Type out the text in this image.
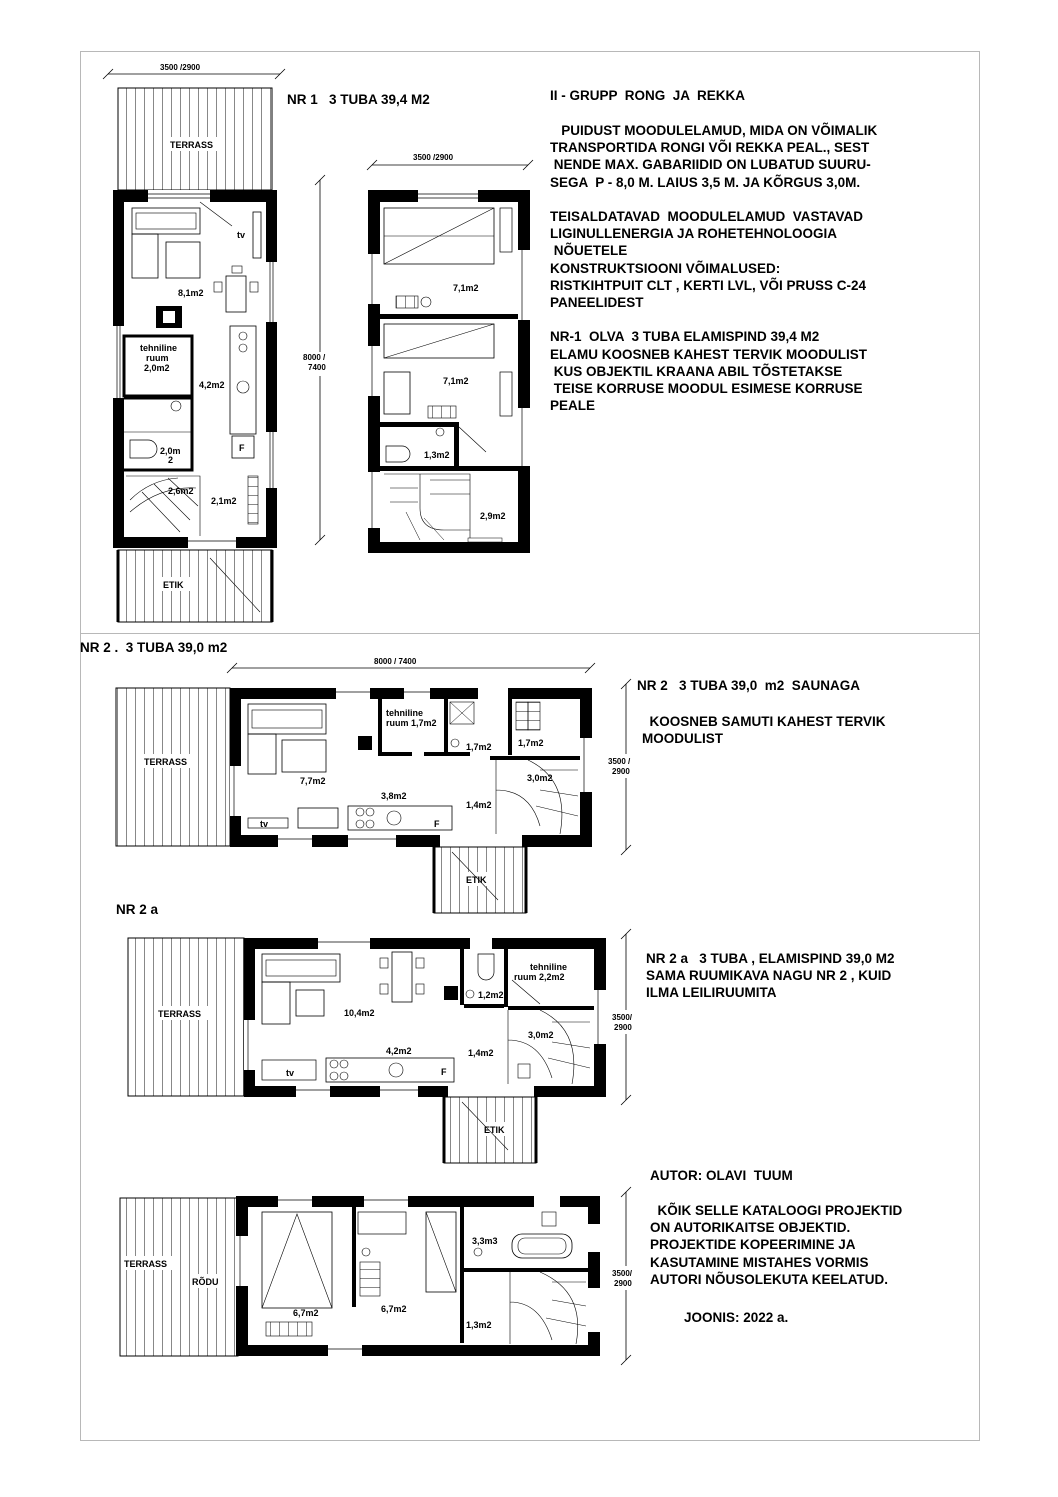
NR 1   3 TUBA 39,4 M2	II - GRUPP  RONG  JA  REKKA
PUIDUST MOODULELAMUD, MIDA ON VÕIMALIK
TRANSPORTIDA RONGI VÕI REKKA PEAL., SEST
NENDE MAX. GABARIIDID ON LUBATUD SUURU-
SEGA  P - 8,0 M. LAIUS 3,5 M. JA KÕRGUS 3,0M.

TEISALDATAVAD  MOODULELAMUD  VASTAVAD
LIGINULLENERGIA JA ROHETEHNOLOOGIA
NÕUETELE
KONSTRUKTSIOONI VÕIMALUSED:
RISTKIHTPUIT CLT , KERTI LVL, VÕI PRUSS C-24
PANEELIDEST

NR-1  OLVA  3 TUBA ELAMISPIND 39,4 M2
ELAMU KOOSNEB KAHEST TERVIK MOODULIST
KUS OBJEKTIL KRAANA ABIL TÕSTETAKSE
TEISE KORRUSE MOODUL ESIMESE KORRUSE
PEALE
NR 2 .  3 TUBA 39,0 m2
NR 2   3 TUBA 39,0  m2  SAUNAGA
KOOSNEB SAMUTI KAHEST TERVIK
MOODULIST
NR 2 a
NR 2 a   3 TUBA , ELAMISPIND 39,0 M2
SAMA RUUMIKAVA NAGU NR 2 , KUID
ILMA LEILIRUUMITA
AUTOR: OLAVI  TUUM
KÕIK SELLE KATALOOGI PROJEKTID
ON AUTORIKAITSE OBJEKTID.
PROJEKTIDE KOPEERIMINE JA
KASUTAMINE MISTAHES VORMIS
AUTORI NÕUSOLEKUTA KEELATUD.
JOONIS: 2022 a.
3500 /2900
TERRASS
tv
8,1m2
tehniline ruum 2,0m2
4,2m2
F
2,0m 2
2,6m2
2,1m2
ETIK
8000 / 7400
3500 /2900
7,1m2
7,1m2
1,3m2
2,9m2
8000 / 7400
TERRASS
7,7m2
tehniline ruum 1,7m2
1,7m2	1,7m2
3,0m2
1,4m2
3,8m2
tv	F
3500 / 2900
ETIK
TERRASS	10,4m2
1,2m2
tehniline ruum 2,2m2
3,0m2
1,4m2
4,2m2
tv	F
3500/ 2900
ETIK
TERRASS
RÕDU
6,7m2	6,7m2
3,3m3
1,3m2
3500/ 2900
